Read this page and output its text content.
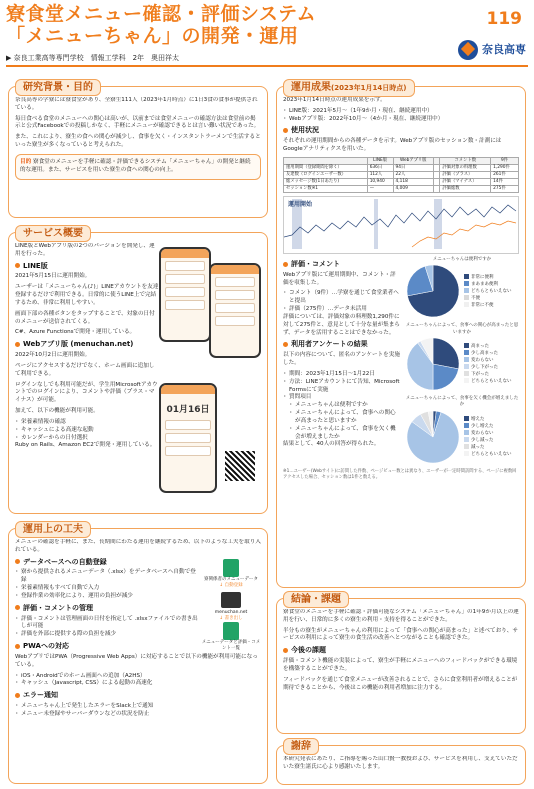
寮食堂メニュー確認・評価システム
「メニューちゃん」の開発・運用
▶ 奈良工業高等専門学校　情報工学科　2年　奥田祥太
119
奈良高専
研究背景・目的

奈良高専の学寮には寮食堂があり、全寮生111人（2023年1月時点）に1日3食の食事が提供されている。

毎日食べる食堂のメニューへの関心は高いが、以前までは食堂メニューの確認方法は食堂前の掲示と公式Facebookでの投稿しかなく、手軽にメニューが確認できるとは言い難い状況であった。

また、これにより、寮生の食への関心が減少し、食事を欠く・インスタントラーメンで生活するといった寮生が多くなっていると考えられた。

目的 寮食堂のメニューを手軽に確認・評価できるシステム「メニューちゃん」の開発と継続的な運用。また、サービスを用いた寮生の食への関心の向上。
サービス概要

LINE版とWebアプリ版の2つのバージョンを開発し、運用を行った。

LINE版

2021年5月15日に運用開始。

ユーザーは「メニューちゃん(♪)」LINEアカウントを友達登録するだけで利用できる。日常的に使うLINE上で完結するため、非常に利用しやすい。

画面下部の各種ボタンをタップすることで、対象の日付のメニューが送信されてくる。

C#、Azure Functionsで開発・運用している。

Webアプリ版 (menuchan.net)

2022年10月2日に運用開始。

ページにアクセスするだけでなく、ホーム画面に追加して利用できる。

ログインなしでも利用可能だが、学生用Microsoftアカウントでのログインにより、コメントや評価（プラス・マイナス）が可能。

加えて、以下の機能が利用可能。

・ 栄養素情報の確認
・ キャッシュによる高速な起動
・ カレンダーからの日付選択

Ruby on Rails、Amazon EC2で開発・運用している。

01月16日
運用上の工夫

メニューの確認を手軽に、また、長期間にわたる運用を継続するため、以下のような工夫を取り入れている。

データベースへの自動登録
・ 寮から提供されるメニューデータ（.xlsx）をデータベースへ自動で登録
・ 栄養素情報もすべて自動で入力
・ 登録作業の効率化により、運用の負担が減少
評価・コメントの管理
・ 評価・コメントは管理画面の日付を指定して .xlsxファイルでの書き出しが可能
・ 評価を外部に提供する際の負担を減少
PWAへの対応

WebアプリではPWA（Progressive Web Apps）に対応することで以下の機能が利用可能になっている。

・ iOS・Androidでのホーム画面への追加（A2HS）
・ キャッシュ（Javascript, CSS）による起動の高速化
エラー通知
・ メニューちゃん上で発生したエラーをSlack上で通知
・ メニュー未登録やサーバーダウンなどの状況を防止
寮関係者のメニューデータ
↓ 自動登録
menuchan.net
↓ 書き出し
メニューデータと評価・コメント一覧
運用成果(2023年1月14日時点)

2023年1月14日時点の運用成果を示す。

・ LINE版：2021年5月〜（1年9か月・現在、継続運用中）
・ Webアプリ版：2022年10月〜（4か月・現在、継続運用中）
使用状況

それぞれの運用期間からの各種データを示す。Webアプリ版のセッション数・計測にはGoogleアナリティクスを用いた。

	LINE版	Webアプリ版		コメント数	9件
運用期間（登録期間を除く）	636日	94日		評価対象の料理数	1,290件
友達数（ログインユーザー数）	112人	22人		評価（プラス）	261件
総メッセージ数(1日あたり)	10,940	4,118		評価（マイナス）	14件
セッション数※1	—	4,009		評価総数	275件
運用開始
評価・コメント

Webアプリ版にて運用期間中、コメント・評価を収集した。

・ コメント（9件）…学寮を通じて食堂業者へと提出
・ 評価（275件）…データ未活用

評価については、評価対象の料理数1,290件に対して275件と、意見として十分な量が集まらず、データを活用することはできなかった。

利用者アンケートの結果

以下の内容について、匿名のアンケートを実施した。

・ 期間：2023年1月15日〜1月22日
・ 方法：LINEアカウントにて告知、Microsoft Formsにて実施
・ 質問項目
・ メニューちゃんは便利ですか
・ メニューちゃんによって、食事への関心が高まったと思いますか
・ メニューちゃんによって、食事を欠く機会が増えましたか

結果として、40人の回答が得られた。

メニューちゃんは便利ですか
非常に便利
まあまあ便利
どちらともいえない
不便
非常に不便
メニューちゃんによって、食事への関心が高まったと思いますか
高まった
少し高まった
変わらない
少し下がった
下がった
どちらともいえない
メニューちゃんによって、食事を欠く機会が増えましたか
増えた
少し増えた
変わらない
少し減った
減った
どちらともいえない

※1…ユーザー(Webサイト)に訪問した件数、ページビュー数とは異なり、ユーザーが一定時間訪問する、ページに複数回アクセスした場合、セッション数は1件と数える。

結論・課題

寮食堂のメニューを手軽に確認・評価可能なシステム「メニューちゃん」の1年9か月以上の運用を行い、日常的に多くの寮生の利用・支持を得ることができた。

半分もの寮生がメニューちゃんの利用によって「食事への関心が高まった」と述べており、サービスの利用によって寮生の食生活の改善へとつながることも確認できた。

今後の課題

評価・コメント機能の実装によって、寮生が手軽にメニューへのフィードバックができる環境を構築することができた。

フィードバックを通じて食堂メニューが改善されることで、さらに食堂利用者が増えることが期待できることから、今後はこの機能の利用者増加に注力する。

謝辞

本研究発表にあたり、ご指導を賜った山口賢一教授および、サービスを利用し、支えていただいた寮生諸氏に心より感謝いたします。
